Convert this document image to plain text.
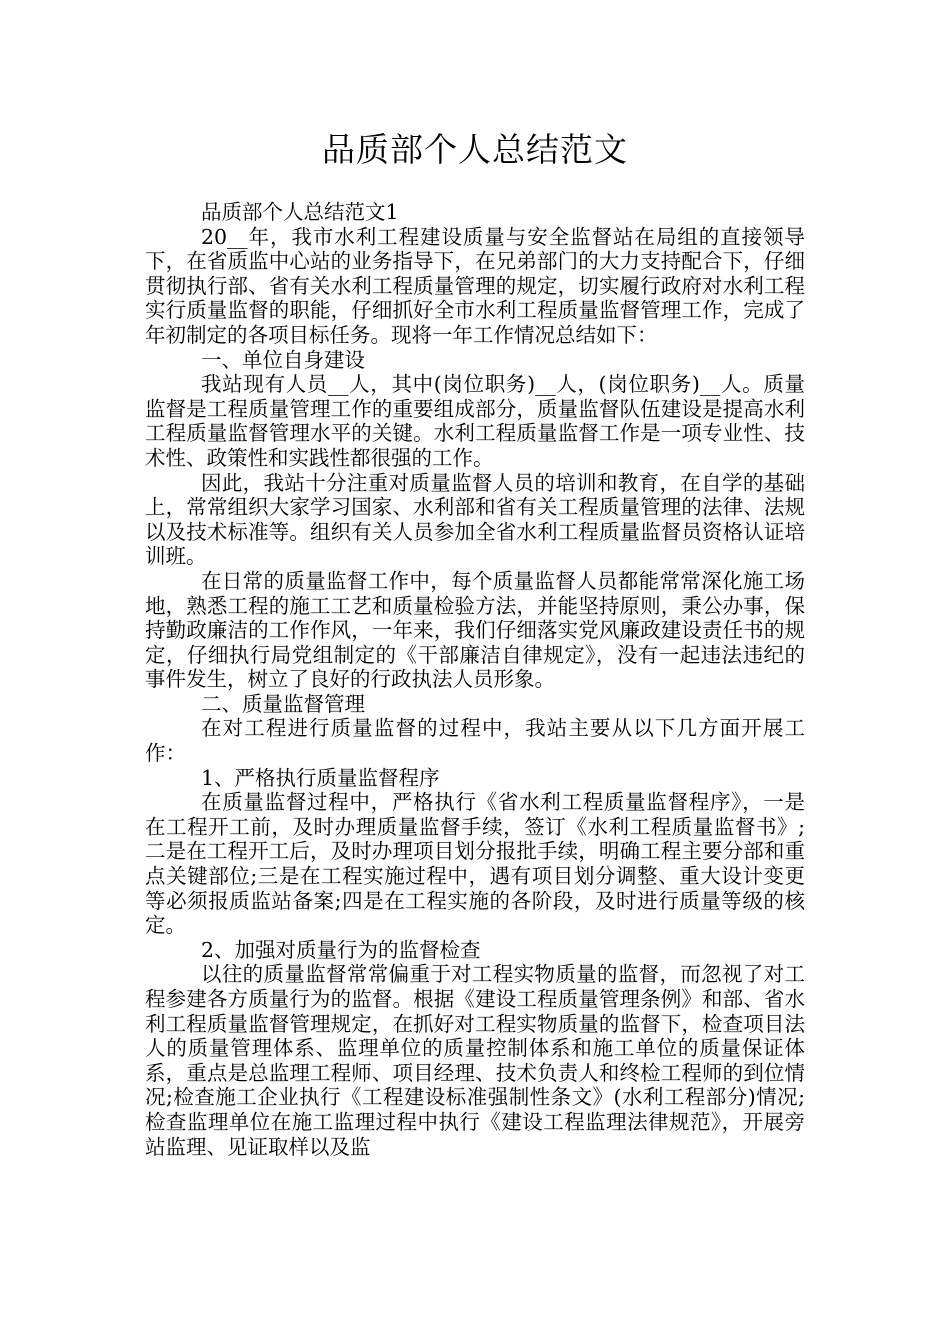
品质部个人总结范文

品质部个人总结范文1

20__年，我市水利工程建设质量与安全监督站在局组的直接领导下，在省质监中心站的业务指导下，在兄弟部门的大力支持配合下，仔细贯彻执行部、省有关水利工程质量管理的规定，切实履行政府对水利工程实行质量监督的职能，仔细抓好全市水利工程质量监督管理工作，完成了年初制定的各项目标任务。现将一年工作情况总结如下：

一、单位自身建设

我站现有人员__人，其中(岗位职务)__人，(岗位职务)__人。质量监督是工程质量管理工作的重要组成部分，质量监督队伍建设是提高水利工程质量监督管理水平的关键。水利工程质量监督工作是一项专业性、技术性、政策性和实践性都很强的工作。

因此，我站十分注重对质量监督人员的培训和教育，在自学的基础上，常常组织大家学习国家、水利部和省有关工程质量管理的法律、法规以及技术标准等。组织有关人员参加全省水利工程质量监督员资格认证培训班。

在日常的质量监督工作中，每个质量监督人员都能常常深化施工场地，熟悉工程的施工工艺和质量检验方法，并能坚持原则，秉公办事，保持勤政廉洁的工作作风，一年来，我们仔细落实党风廉政建设责任书的规定，仔细执行局党组制定的《干部廉洁自律规定》，没有一起违法违纪的事件发生，树立了良好的行政执法人员形象。

二、质量监督管理

在对工程进行质量监督的过程中，我站主要从以下几方面开展工作：

1、严格执行质量监督程序

在质量监督过程中，严格执行《省水利工程质量监督程序》，一是在工程开工前，及时办理质量监督手续，签订《水利工程质量监督书》;二是在工程开工后，及时办理项目划分报批手续，明确工程主要分部和重点关键部位;三是在工程实施过程中，遇有项目划分调整、重大设计变更等必须报质监站备案;四是在工程实施的各阶段，及时进行质量等级的核定。

2、加强对质量行为的监督检查

以往的质量监督常常偏重于对工程实物质量的监督，而忽视了对工程参建各方质量行为的监督。根据《建设工程质量管理条例》和部、省水利工程质量监督管理规定，在抓好对工程实物质量的监督下，检查项目法人的质量管理体系、监理单位的质量控制体系和施工单位的质量保证体系，重点是总监理工程师、项目经理、技术负责人和终检工程师的到位情况;检查施工企业执行《工程建设标准强制性条文》(水利工程部分)情况;检查监理单位在施工监理过程中执行《建设工程监理法律规范》，开展旁站监理、见证取样以及监
